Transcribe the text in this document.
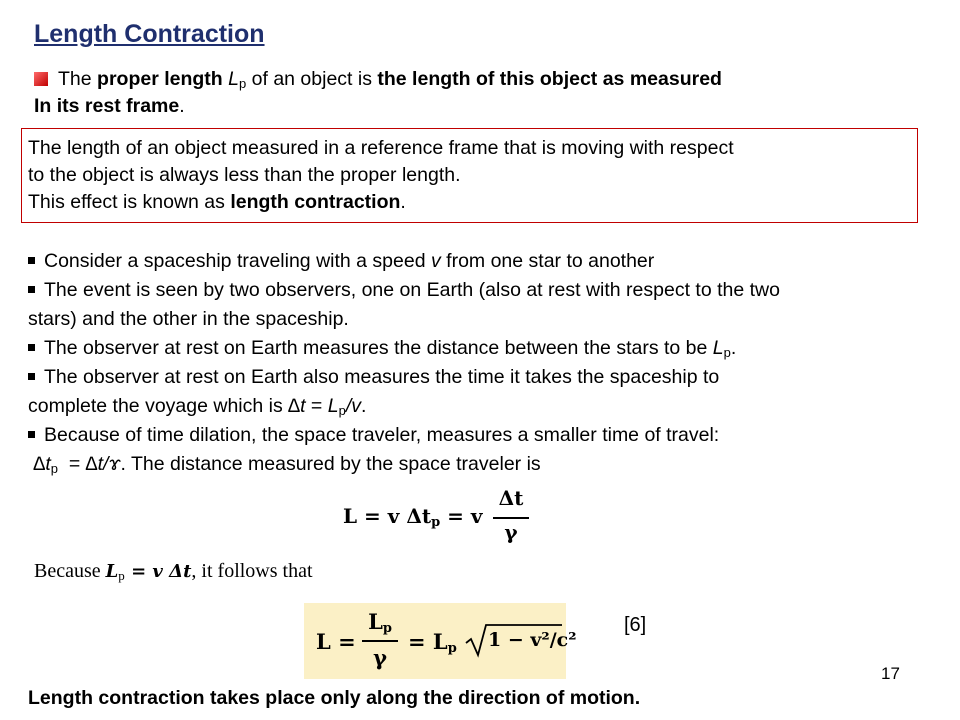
Length Contraction
The proper length $L_p$ of an object is the length of this object as measured
In its rest frame.
The length of an object measured in a reference frame that is moving with respect
to the object is always less than the proper length.
This effect is known as length contraction.
Consider a spaceship traveling with a speed v from one star to another
The event is seen by two observers, one on Earth (also at rest with respect to the two
stars) and the other in the spaceship.
The observer at rest on Earth measures the distance between the stars to be $L_p$.
The observer at rest on Earth also measures the time it takes the spaceship to
complete the voyage which is $\Delta t = L_p/v$.
Because of time dilation, the space traveler, measures a smaller time of travel:
$\Delta t_p$  = ∆t/ɤ. The distance measured by the space traveler is
L = v $\Delta t_p = v$
Δt
γ
Because $L_p = v$ Δt, it follows that
L =
$L_p$
γ
= $L_p$ 1 − v²/c²
[6]
17
Length contraction takes place only along the direction of motion.
